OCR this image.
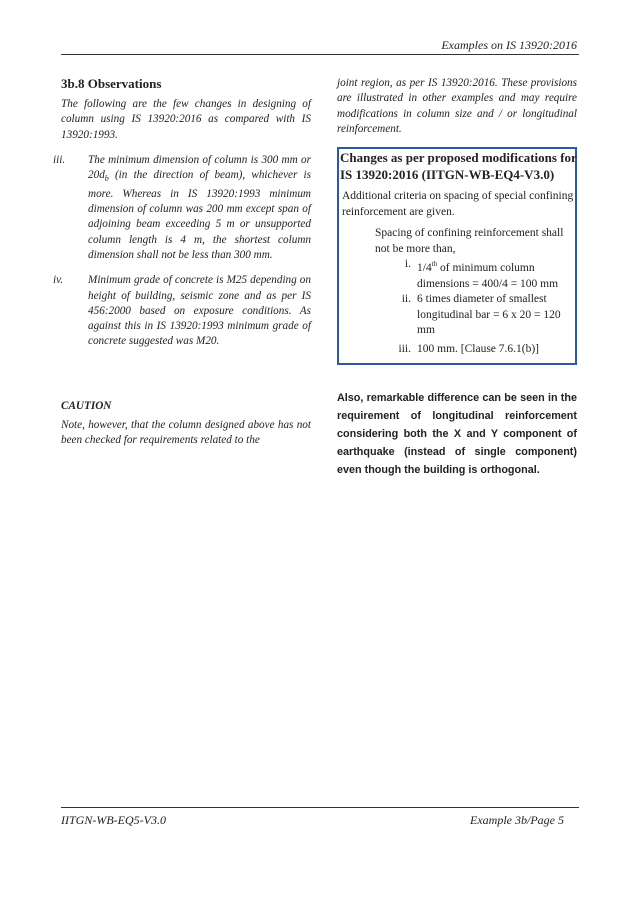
Examples on IS 13920:2016
3b.8 Observations

The following are the few changes in designing of column using IS 13920:2016 as compared with IS 13920:1993.

iii. The minimum dimension of column is 300 mm or $20d_b$ (in the direction of beam), whichever is more. Whereas in IS 13920:1993 minimum dimension of column was 200 mm except span of adjoining beam exceeding 5 m or unsupported column length is 4 m, the shortest column dimension shall not be less than 300 mm.

iv. Minimum grade of concrete is M25 depending on height of building, seismic zone and as per IS 456:2000 based on exposure conditions. As against this in IS 13920:1993 minimum grade of concrete suggested was M20.

CAUTION

Note, however, that the column designed above has not been checked for requirements related to the

joint region, as per IS 13920:2016. These provisions are illustrated in other examples and may require modifications in column size and / or longitudinal reinforcement.

Changes as per proposed modifications for
IS 13920:2016 (IITGN-WB-EQ4-V3.0)
Additional criteria on spacing of special confining
reinforcement are given.
Spacing of confining reinforcement shall not be more than,
i. 1/4th of minimum column dimensions = 400/4 = 100 mm
ii. 6 times diameter of smallest longitudinal bar = 6 x 20 = 120 mm
iii. 100 mm. [Clause 7.6.1(b)]
Also, remarkable difference can be seen in the requirement of longitudinal reinforcement considering both the X and Y component of earthquake (instead of single component) even though the building is orthogonal.
IITGN-WB-EQ5-V3.0	Example 3b/Page 5
